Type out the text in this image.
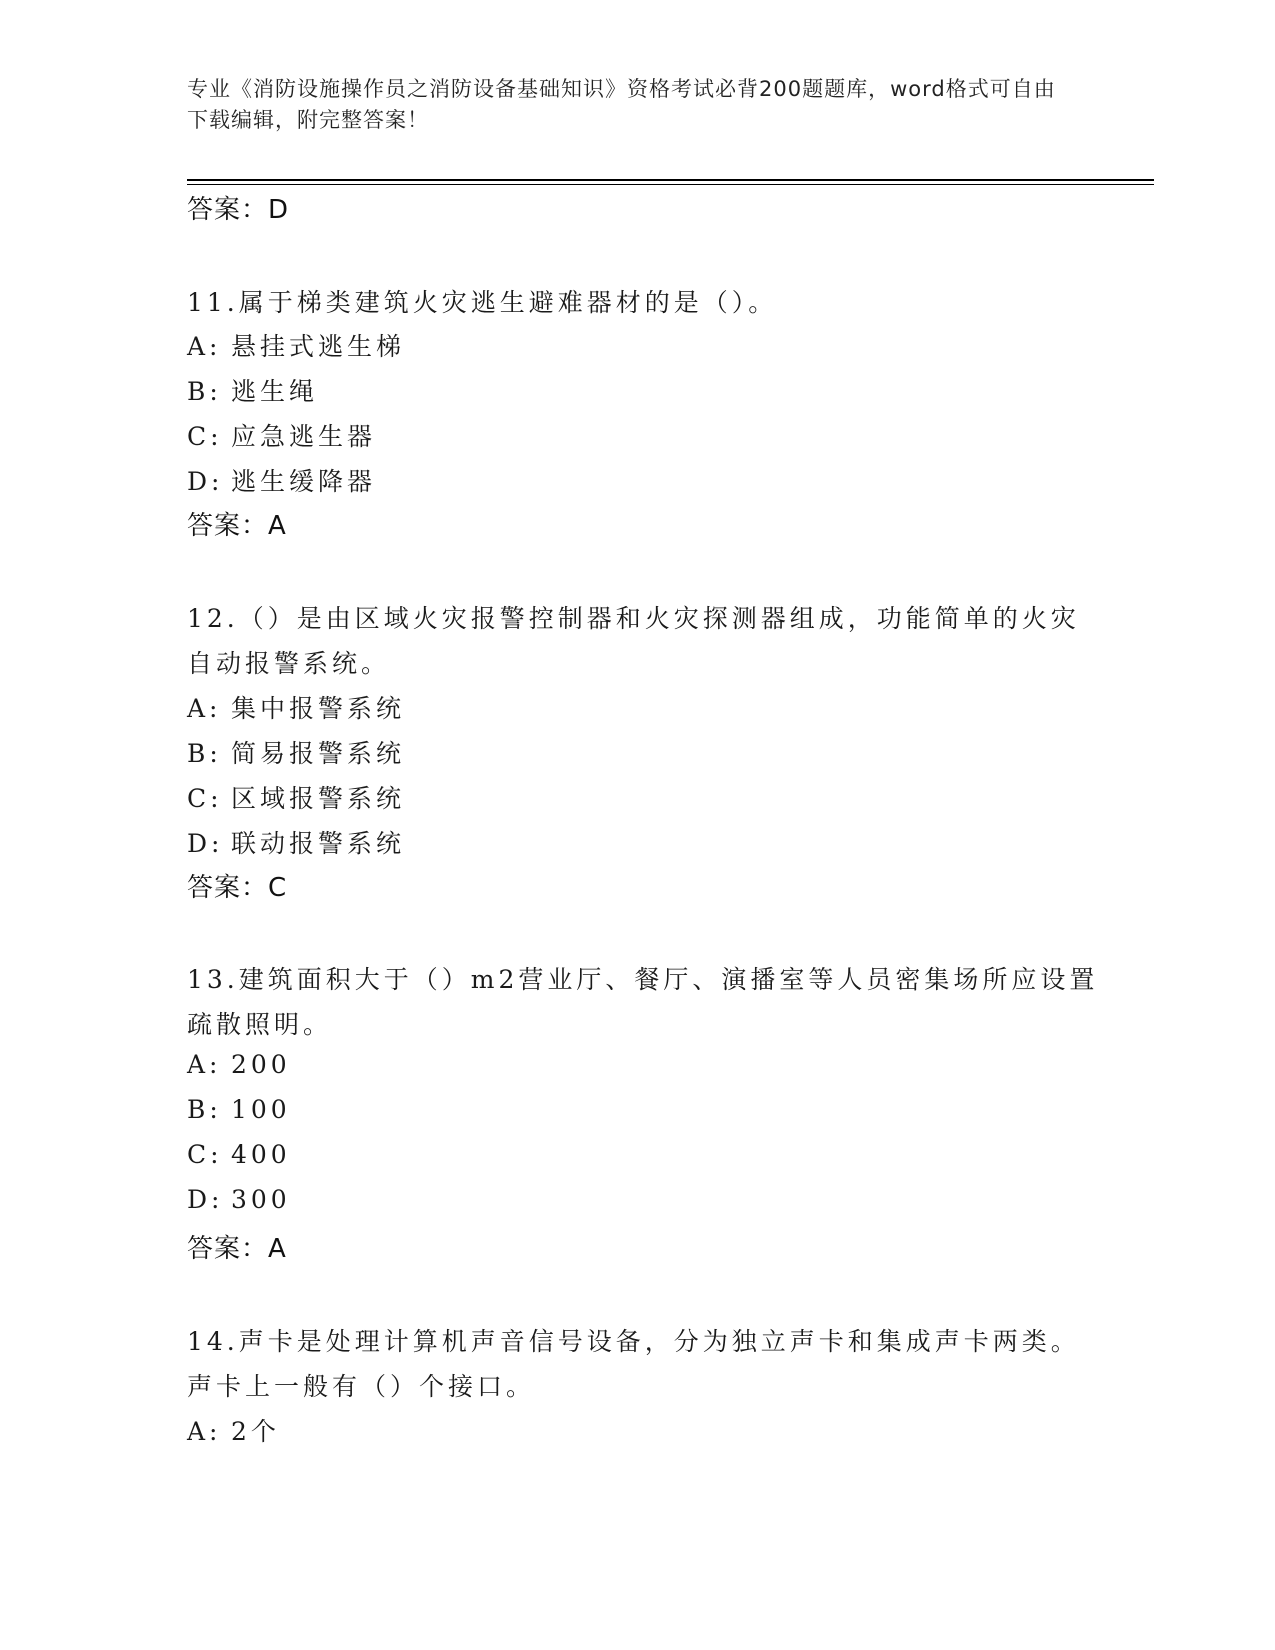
专业《消防设施操作员之消防设备基础知识》资格考试必背200题题库，word格式可自由下载编辑，附完整答案！
答案：D
11.属于梯类建筑火灾逃生避难器材的是（）。
A: 悬挂式逃生梯
B: 逃生绳
C: 应急逃生器
D: 逃生缓降器
答案：A
12.（）是由区域火灾报警控制器和火灾探测器组成，功能简单的火灾
自动报警系统。
A: 集中报警系统
B: 简易报警系统
C: 区域报警系统
D: 联动报警系统
答案：C
13.建筑面积大于（）m2营业厅、餐厅、演播室等人员密集场所应设置
疏散照明。
A: 200
B: 100
C: 400
D: 300
答案：A
14.声卡是处理计算机声音信号设备，分为独立声卡和集成声卡两类。
声卡上一般有（）个接口。
A: 2个
